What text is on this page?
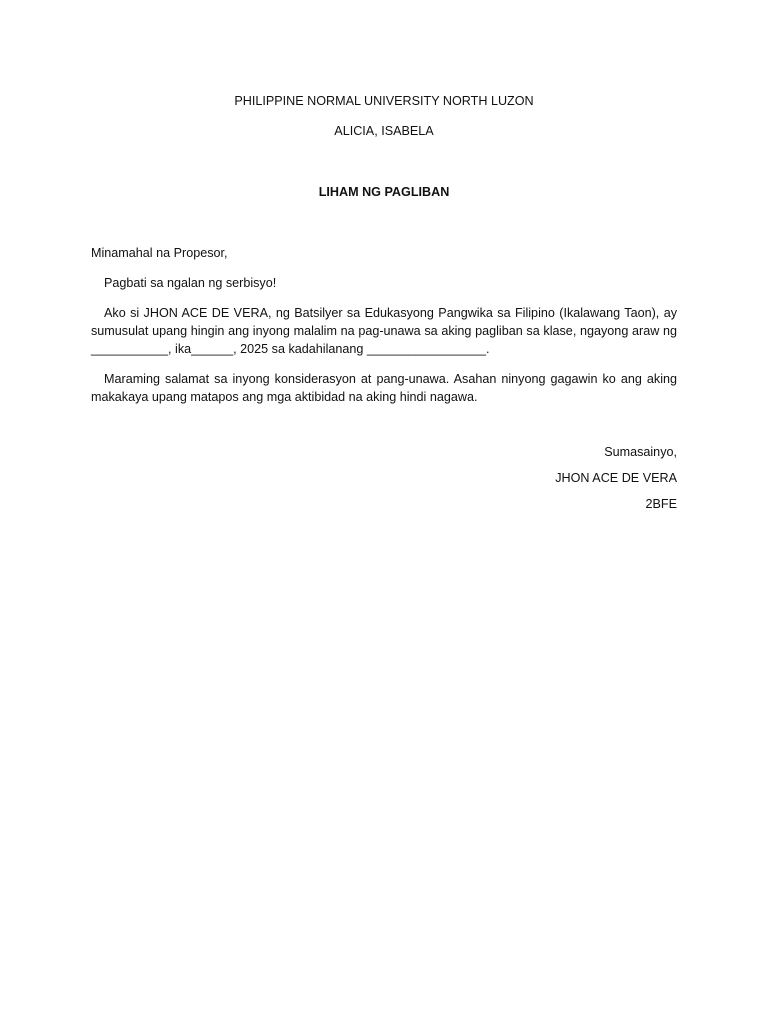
PHILIPPINE NORMAL UNIVERSITY NORTH LUZON
ALICIA, ISABELA
LIHAM NG PAGLIBAN
Minamahal na Propesor,
Pagbati sa ngalan ng serbisyo!
Ako si JHON ACE DE VERA, ng Batsilyer sa Edukasyong Pangwika sa Filipino (Ikalawang Taon), ay sumusulat upang hingin ang inyong malalim na pag-unawa sa aking pagliban sa klase, ngayong araw ng ___________, ika______, 2025 sa kadahilanang _________________.
Maraming salamat sa inyong konsiderasyon at pang-unawa. Asahan ninyong gagawin ko ang aking makakaya upang matapos ang mga aktibidad na aking hindi nagawa.
Sumasainyo,
JHON ACE DE VERA
2BFE
